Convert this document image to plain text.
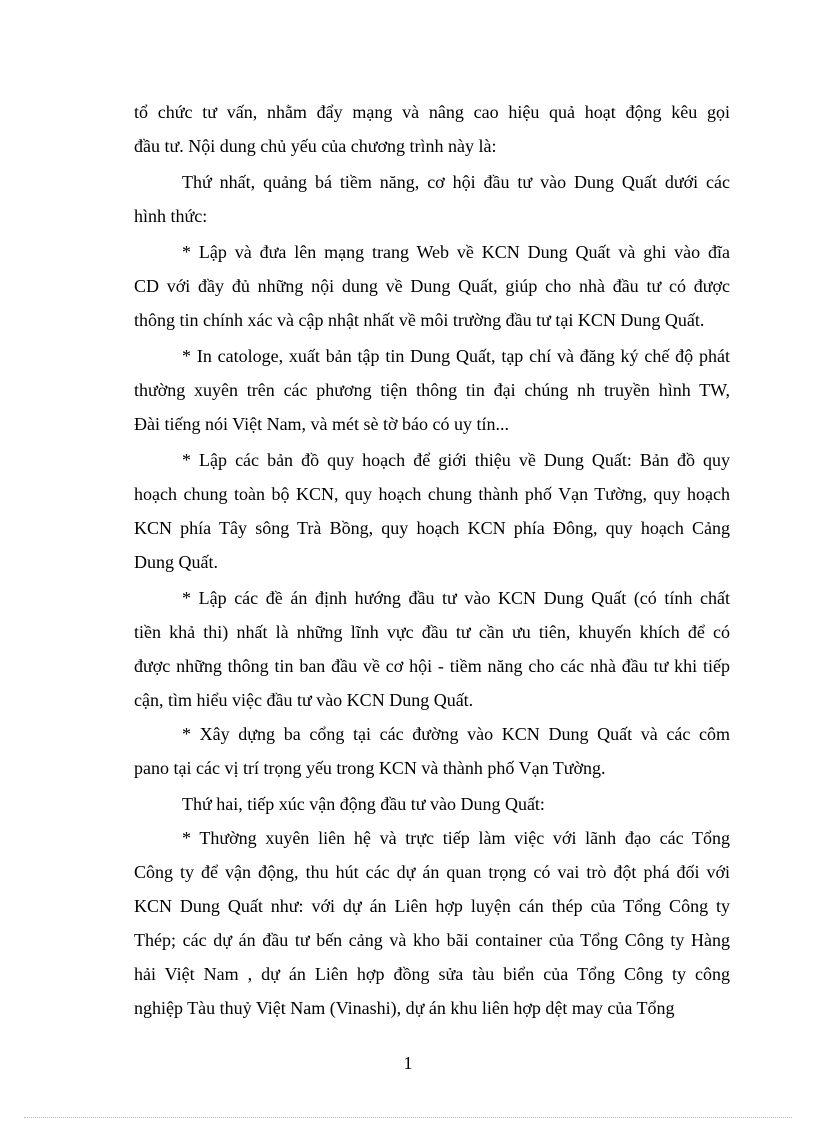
tổ chức tư vấn, nhằm đẩy mạng và nâng cao hiệu quả hoạt động kêu gọi
đầu tư. Nội dung chủ yếu của chương trình này là:
Thứ nhất, quảng bá tiềm năng, cơ hội đầu tư vào Dung Quất dưới các
hình thức:
* Lập và đưa lên mạng trang Web về KCN Dung Quất và ghi vào đĩa
CD với đầy đủ những nội dung về Dung Quất, giúp cho nhà đầu tư có được
thông tin chính xác và cập nhật nhất về môi trường đầu tư tại KCN Dung Quất.
* In catologe, xuất bản tập tin Dung Quất, tạp chí và đăng ký chế độ phát
thường xuyên trên các phương tiện thông tin đại chúng nh truyền hình TW,
Đài tiếng nói Việt Nam, và mét sè tờ báo có uy tín...
* Lập các bản đồ quy hoạch để giới thiệu về Dung Quất: Bản đồ quy
hoạch chung toàn bộ KCN, quy hoạch chung thành phố Vạn Tường, quy hoạch
KCN phía Tây sông Trà Bồng, quy hoạch KCN phía Đông, quy hoạch Cảng
Dung Quất.
* Lập các đề án định hướng đầu tư vào KCN Dung Quất (có tính chất
tiền khả thi) nhất là những lĩnh vực đầu tư cần ưu tiên, khuyến khích để có
được những thông tin ban đầu về cơ hội - tiềm năng cho các nhà đầu tư khi tiếp
cận, tìm hiểu việc đầu tư vào KCN Dung Quất.
* Xây dựng ba cổng tại các đường vào KCN Dung Quất và các côm
pano tại các vị trí trọng yếu trong KCN và thành phố Vạn Tường.
Thứ hai, tiếp xúc vận động đầu tư vào Dung Quất:
* Thường xuyên liên hệ và trực tiếp làm việc với lãnh đạo các Tổng
Công ty để vận động, thu hút các dự án quan trọng có vai trò đột phá đối với
KCN Dung Quất như: với dự án Liên hợp luyện cán thép của Tổng Công ty
Thép; các dự án đầu tư bến cảng và kho bãi container của Tổng Công ty Hàng
hải Việt Nam , dự án Liên hợp đồng sửa tàu biển của Tổng Công ty công
nghiệp Tàu thuỷ Việt Nam (Vinashi), dự án khu liên hợp dệt may của Tổng
1
